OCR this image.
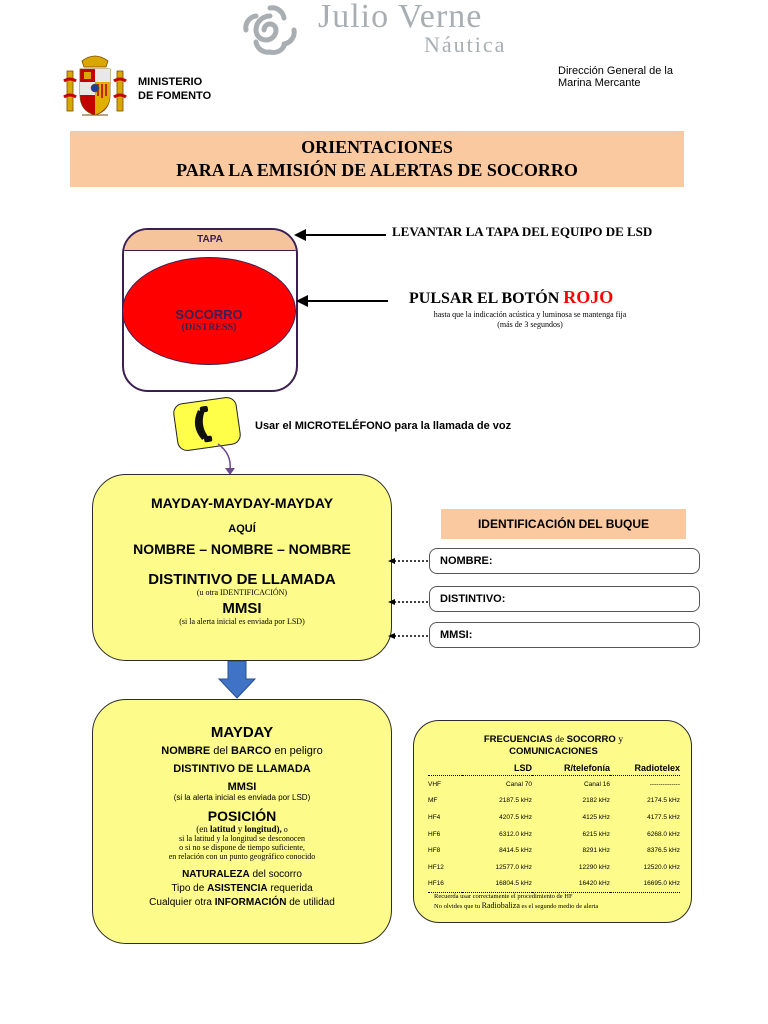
Julio Verne
Náutica
MINISTERIO
DE FOMENTO
Dirección General de la
Marina Mercante
ORIENTACIONES
PARA LA EMISIÓN DE ALERTAS DE SOCORRO
TAPA
SOCORRO
(DISTRESS)
LEVANTAR LA TAPA DEL EQUIPO DE LSD
PULSAR EL BOTÓN ROJO
hasta que la indicación acústica y luminosa se mantenga fija
(más de 3 segundos)
Usar el MICROTELÉFONO para la llamada de voz
MAYDAY-MAYDAY-MAYDAY
AQUÍ
NOMBRE – NOMBRE – NOMBRE
DISTINTIVO DE LLAMADA
(u otra IDENTIFICACIÓN)
MMSI
(si la alerta inicial es enviada por LSD)
IDENTIFICACIÓN DEL BUQUE
NOMBRE:
DISTINTIVO:
MMSI:
MAYDAY
NOMBRE del BARCO en peligro
DISTINTIVO DE LLAMADA
MMSI
(si la alerta inicial es enviada por LSD)
POSICIÓN
(en latitud y longitud), o
si la latitud y la longitud se desconocen
o si no se dispone de tiempo suficiente,
en relación con un punto geográfico conocido
NATURALEZA del socorro
Tipo de ASISTENCIA requerida
Cualquier otra INFORMACIÓN de utilidad
FRECUENCIAS de SOCORRO y
COMUNICACIONES
	LSD	R/telefonía	Radiotelex
VHF	Canal 70	Canal 16	--------------
MF	2187.5 kHz	2182 kHz	2174.5 kHz
HF4	4207.5 kHz	4125 kHz	4177.5 kHz
HF6	6312.0 kHz	6215 kHz	6268.0 kHz
HF8	8414.5 kHz	8291 kHz	8376.5 kHz
HF12	12577.0 kHz	12290 kHz	12520.0 kHz
HF16	16804.5 kHz	16420 kHz	16695.0 kHz
Recuerda usar correctamente el procedimiento de HF
No olvides que tu Radiobaliza es el segundo medio de alerta
